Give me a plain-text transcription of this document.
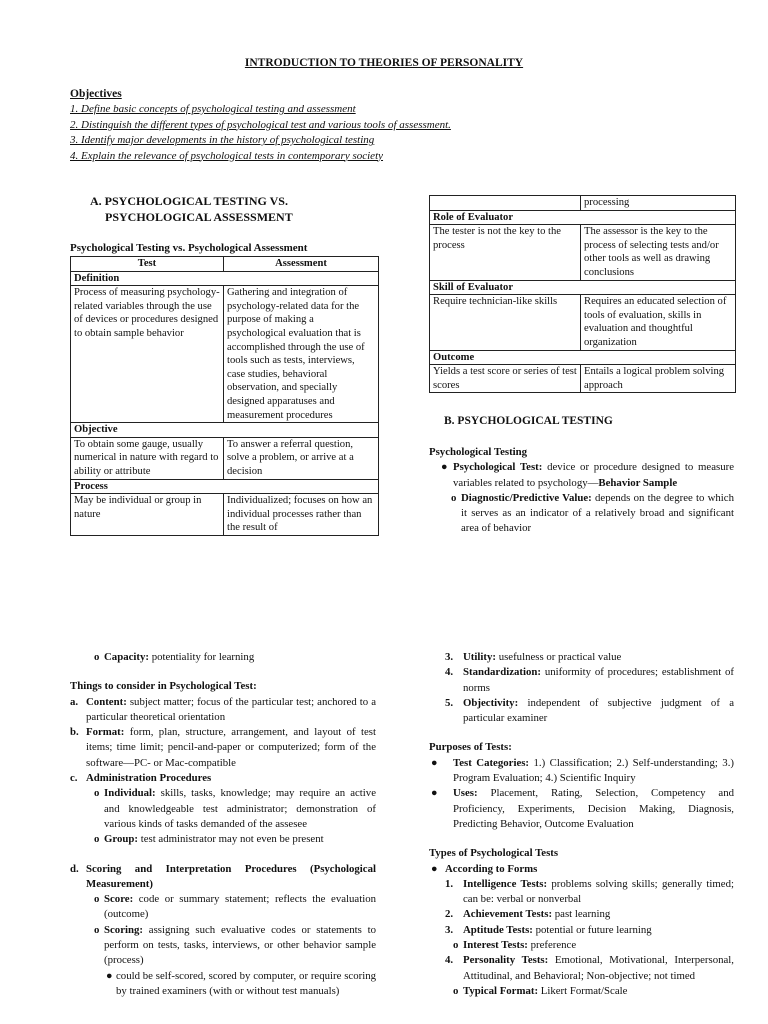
INTRODUCTION TO THEORIES OF PERSONALITY
Objectives
1. Define basic concepts of psychological testing and assessment
2. Distinguish the different types of psychological test and various tools of assessment.
3. Identify major developments in the history of psychological testing
4. Explain the relevance of psychological tests in contemporary society
A. PSYCHOLOGICAL TESTING VS.
PSYCHOLOGICAL ASSESSMENT
Psychological Testing vs. Psychological Assessment
Test	Assessment
Definition	
Process of measuring psychology-related variables through the use of devices or procedures designed to obtain sample behavior	Gathering and integration of psychology-related data for the purpose of making a psychological evaluation that is accomplished through the use of tools such as tests, interviews, case studies, behavioral observation, and specially designed apparatuses and measurement procedures
Objective	
To obtain some gauge, usually numerical in nature with regard to ability or attribute	To answer a referral question, solve a problem, or arrive at a decision
Process	
May be individual or group in nature	Individualized; focuses on how an individual processes rather than the result of
	processing
Role of Evaluator	
The tester is not the key to the process	The assessor is the key to the process of selecting tests and/or other tools as well as drawing conclusions
Skill of Evaluator	
Require technician-like skills	Requires an educated selection of tools of evaluation, skills in evaluation and thoughtful organization
Outcome	
Yields a test score or series of test scores	Entails a logical problem solving approach
B. PSYCHOLOGICAL TESTING
Psychological Testing
● Psychological Test: device or procedure designed to measure variables related to psychology—Behavior Sample
o Diagnostic/Predictive Value: depends on the degree to which it serves as an indicator of a relatively broad and significant area of behavior
o Capacity: potentiality for learning
Things to consider in Psychological Test:
a. Content: subject matter; focus of the particular test; anchored to a particular theoretical orientation
b. Format: form, plan, structure, arrangement, and layout of test items; time limit; pencil-and-paper or computerized; form of the software—PC- or Mac-compatible
c. Administration Procedures
o Individual: skills, tasks, knowledge; may require an active and knowledgeable test administrator; demonstration of various kinds of tasks demanded of the assesee
o Group: test administrator may not even be present
d. Scoring and Interpretation Procedures (Psychological Measurement)
o Score: code or summary statement; reflects the evaluation (outcome)
o Scoring: assigning such evaluative codes or statements to perform on tests, tasks, interviews, or other behavior sample (process)
● could be self-scored, scored by computer, or require scoring by trained examiners (with or without test manuals)
3. Utility: usefulness or practical value
4. Standardization: uniformity of procedures; establishment of norms
5. Objectivity: independent of subjective judgment of a particular examiner
Purposes of Tests:
● Test Categories: 1.) Classification; 2.) Self-understanding; 3.) Program Evaluation; 4.) Scientific Inquiry
● Uses: Placement, Rating, Selection, Competency and Proficiency, Experiments, Decision Making, Diagnosis, Predicting Behavior, Outcome Evaluation
Types of Psychological Tests
● According to Forms
1. Intelligence Tests: problems solving skills; generally timed; can be: verbal or nonverbal
2. Achievement Tests: past learning
3. Aptitude Tests: potential or future learning
o Interest Tests: preference
4. Personality Tests: Emotional, Motivational, Interpersonal, Attitudinal, and Behavioral; Non-objective; not timed
o Typical Format: Likert Format/Scale
